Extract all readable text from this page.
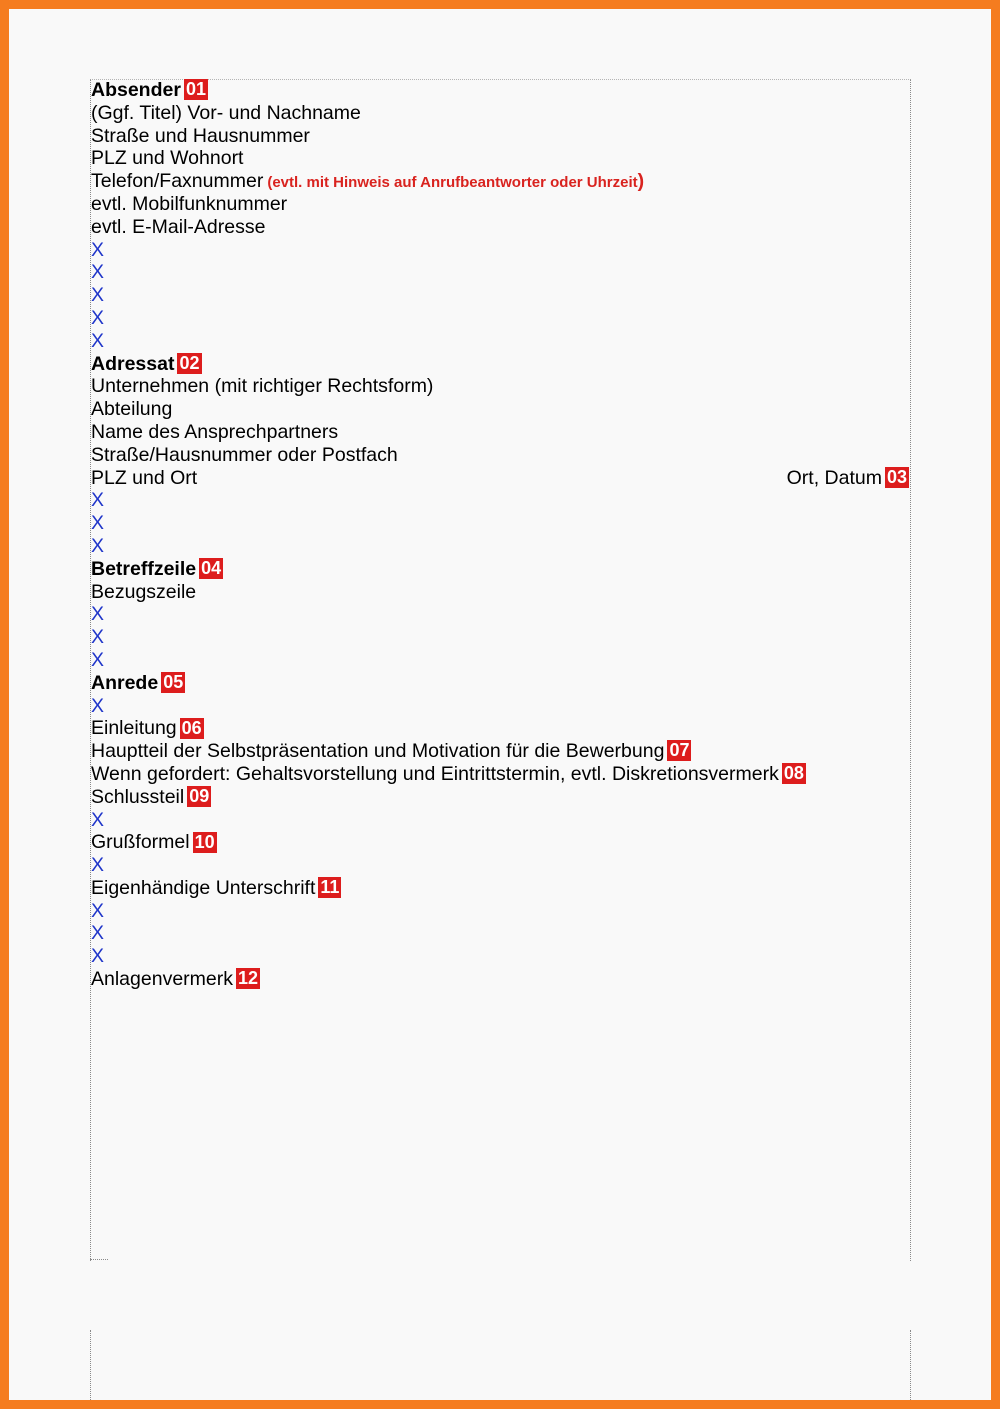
Absender 01
(Ggf. Titel) Vor- und Nachname
Straße und Hausnummer
PLZ und Wohnort
Telefon/Faxnummer (evtl. mit Hinweis auf Anrufbeantworter oder Uhrzeit)
evtl. Mobilfunknummer
evtl. E-Mail-Adresse
X
X
X
X
X
Adressat 02
Unternehmen (mit richtiger Rechtsform)
Abteilung
Name des Ansprechpartners
Straße/Hausnummer oder Postfach
PLZ und Ort	Ort, Datum 03
X
X
X
Betreffzeile 04
Bezugszeile
X
X
X
Anrede 05
X
Einleitung 06
Hauptteil der Selbstpräsentation und Motivation für die Bewerbung 07
Wenn gefordert: Gehaltsvorstellung und Eintrittstermin, evtl. Diskretionsvermerk 08
Schlussteil 09
X
Grußformel 10
X
Eigenhändige Unterschrift 11
X
X
X
Anlagenvermerk 12
